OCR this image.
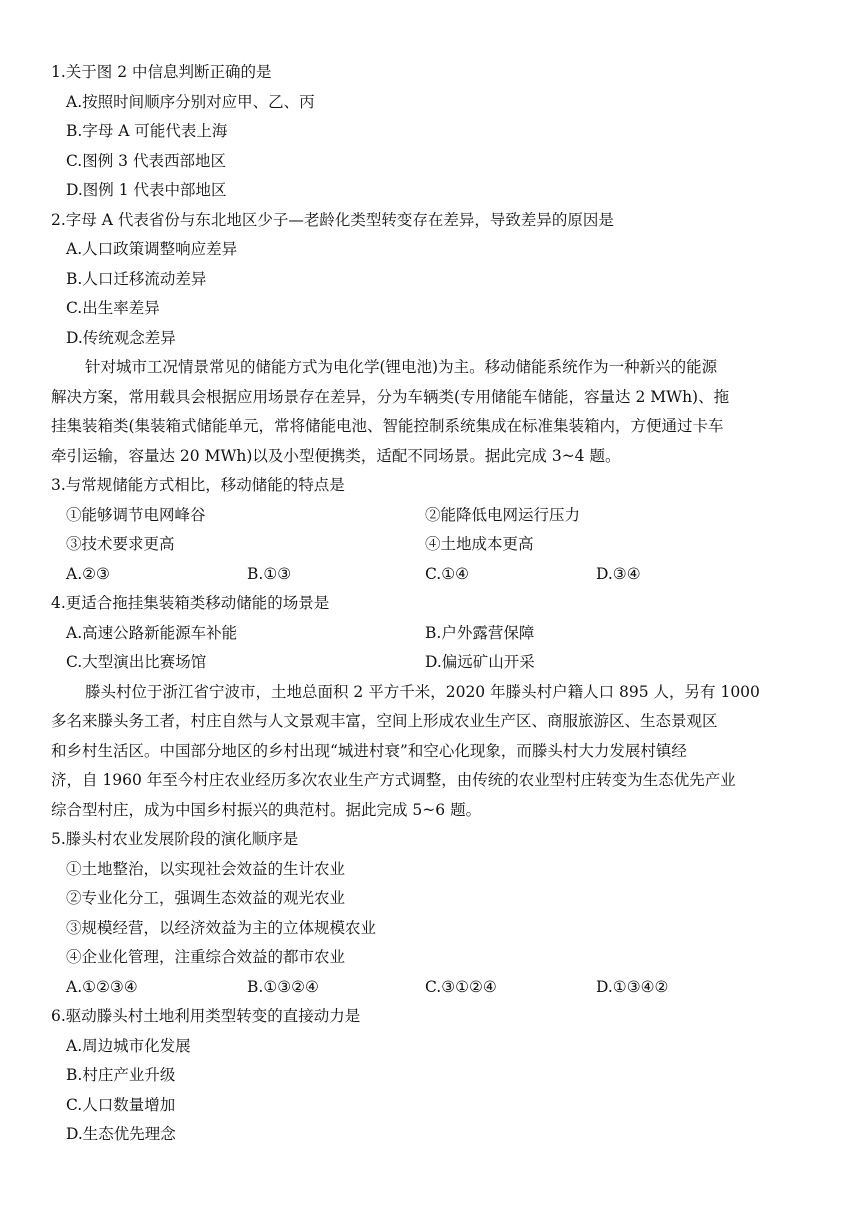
1.关于图 2 中信息判断正确的是
A.按照时间顺序分别对应甲、乙、丙
B.字母 A 可能代表上海
C.图例 3 代表西部地区
D.图例 1 代表中部地区
2.字母 A 代表省份与东北地区少子—老龄化类型转变存在差异，导致差异的原因是
A.人口政策调整响应差异
B.人口迁移流动差异
C.出生率差异
D.传统观念差异
针对城市工况情景常见的储能方式为电化学(锂电池)为主。移动储能系统作为一种新兴的能源
解决方案，常用载具会根据应用场景存在差异，分为车辆类(专用储能车储能，容量达 2 MWh)、拖
挂集装箱类(集装箱式储能单元，常将储能电池、智能控制系统集成在标准集装箱内，方便通过卡车
牵引运输，容量达 20 MWh)以及小型便携类，适配不同场景。据此完成 3~4 题。
3.与常规储能方式相比，移动储能的特点是
①能够调节电网峰谷	②能降低电网运行压力
③技术要求更高	④土地成本更高
A.②③	B.①③	C.①④	D.③④
4.更适合拖挂集装箱类移动储能的场景是
A.高速公路新能源车补能	B.户外露营保障
C.大型演出比赛场馆	D.偏远矿山开采
滕头村位于浙江省宁波市，土地总面积 2 平方千米，2020 年滕头村户籍人口 895 人，另有 1000
多名来滕头务工者，村庄自然与人文景观丰富，空间上形成农业生产区、商服旅游区、生态景观区
和乡村生活区。中国部分地区的乡村出现“城进村衰”和空心化现象，而滕头村大力发展村镇经
济，自 1960 年至今村庄农业经历多次农业生产方式调整，由传统的农业型村庄转变为生态优先产业
综合型村庄，成为中国乡村振兴的典范村。据此完成 5~6 题。
5.滕头村农业发展阶段的演化顺序是
①土地整治，以实现社会效益的生计农业
②专业化分工，强调生态效益的观光农业
③规模经营，以经济效益为主的立体规模农业
④企业化管理，注重综合效益的都市农业
A.①②③④	B.①③②④	C.③①②④	D.①③④②
6.驱动滕头村土地利用类型转变的直接动力是
A.周边城市化发展
B.村庄产业升级
C.人口数量增加
D.生态优先理念
